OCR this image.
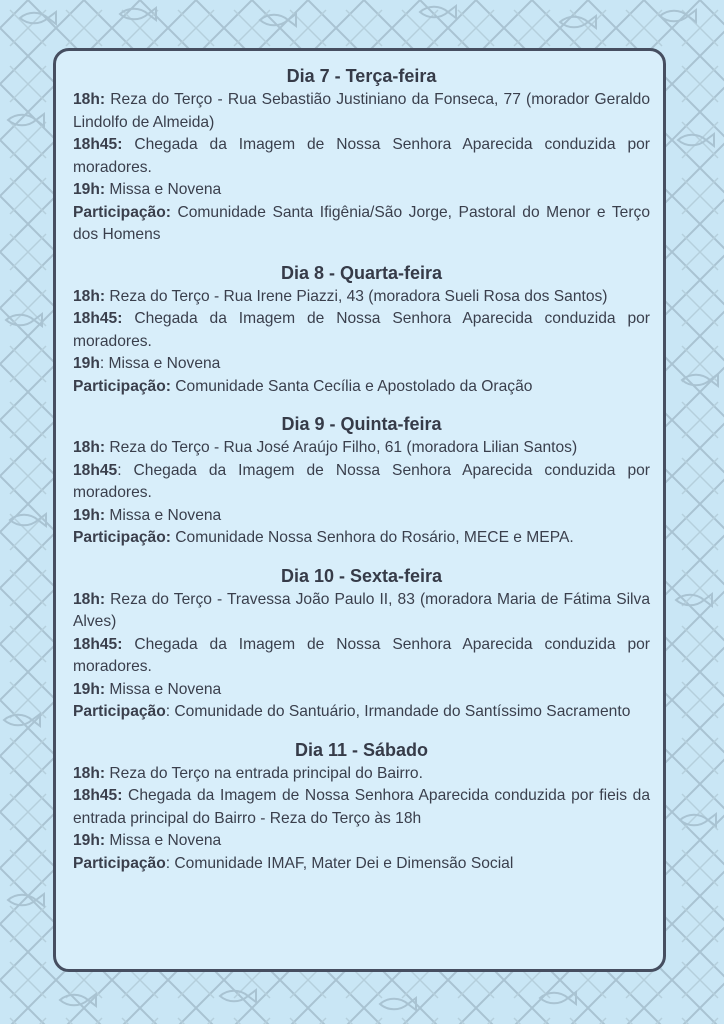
Dia 7 - Terça-feira

18h: Reza do Terço - Rua Sebastião Justiniano da Fonseca, 77 (morador Geraldo Lindolfo de Almeida)

18h45: Chegada da Imagem de Nossa Senhora Aparecida conduzida por moradores.

19h: Missa e Novena

Participação: Comunidade Santa Ifigênia/São Jorge, Pastoral do Menor e Terço dos Homens

Dia 8 - Quarta-feira

18h: Reza do Terço - Rua Irene Piazzi, 43 (moradora Sueli Rosa dos Santos)

18h45: Chegada da Imagem de Nossa Senhora Aparecida conduzida por moradores.

19h: Missa e Novena

Participação: Comunidade Santa Cecília e Apostolado da Oração

Dia 9 - Quinta-feira

18h: Reza do Terço - Rua José Araújo Filho, 61 (moradora Lilian Santos)

18h45: Chegada da Imagem de Nossa Senhora Aparecida conduzida por moradores.

19h: Missa e Novena

Participação: Comunidade Nossa Senhora do Rosário, MECE e MEPA.

Dia 10 - Sexta-feira

18h: Reza do Terço - Travessa João Paulo II, 83 (moradora Maria de Fátima Silva Alves)

18h45: Chegada da Imagem de Nossa Senhora Aparecida conduzida por moradores.

19h: Missa e Novena

Participação: Comunidade do Santuário, Irmandade do Santíssimo Sacramento

Dia 11 - Sábado

18h: Reza do Terço na entrada principal do Bairro.

18h45: Chegada da Imagem de Nossa Senhora Aparecida conduzida por fieis da entrada principal do Bairro - Reza do Terço às 18h

19h: Missa e Novena

Participação: Comunidade IMAF, Mater Dei e Dimensão Social
